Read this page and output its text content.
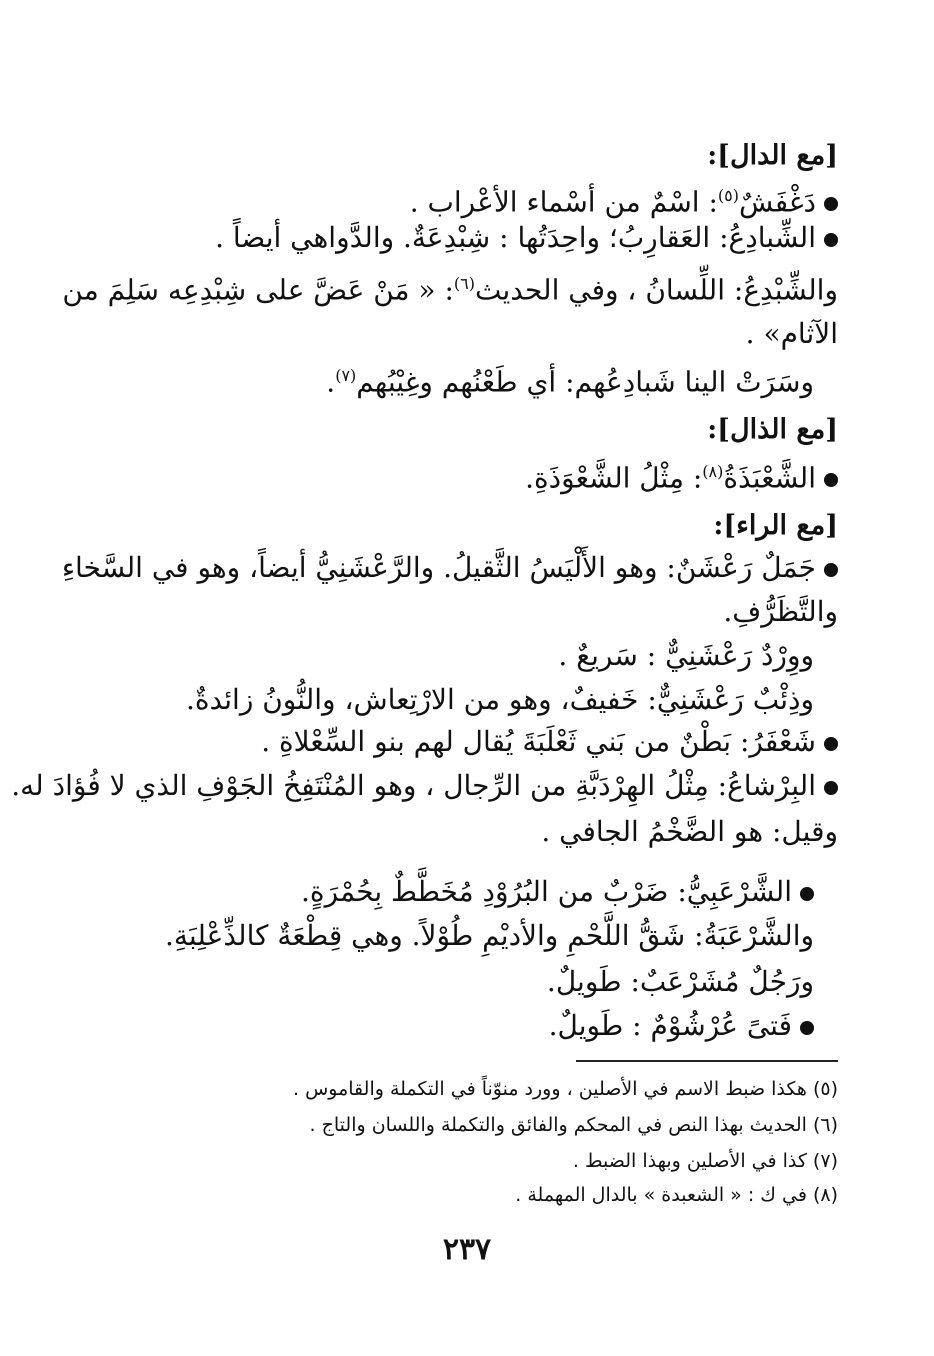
[مع الدال]:
دَغْفَشٌ$^{(٥)}$: اسْمٌ من أسْماء الأعْراب .
الشِّبادِعُ: العَقارِبُ؛ واحِدَتُها : شِبْدِعَةٌ. والدَّواهي أيضاً .
والشِّبْدِعُ: اللِّسانُ ، وفي الحديث$^{(٦)}$: « مَنْ عَضَّ على شِبْدِعِه سَلِمَ من
الآثام» .
وسَرَتْ الينا شَبادِعُهم: أي طَعْنُهم وغِيْبُهم$^{(٧)}$.
[مع الذال]:
الشَّعْبَذَةُ$^{(٨)}$: مِثْلُ الشَّعْوَذَةِ.
[مع الراء]:
جَمَلٌ رَعْشَنٌ: وهو الأَلْيَسُ الثَّقيلُ. والرَّعْشَنِيُّ أيضاً، وهو في السَّخاءِ
والتَّظَرُّفِ.
ووِرْدٌ رَعْشَنِيٌّ : سَريعٌ .
وذِئْبٌ رَعْشَنِيٌّ: خَفيفٌ، وهو من الارْتِعاش، والنُّونُ زائدةٌ.
شَعْفَرُ: بَطْنٌ من بَني ثَعْلَبَةَ يُقال لهم بنو السِّعْلاةِ .
البِرْشاعُ: مِثْلُ الهِرْدَبَّةِ من الرِّجال ، وهو المُنْتَفِخُ الجَوْفِ الذي لا فُؤادَ له.
وقيل: هو الضَّخْمُ الجافي .
الشَّرْعَبِيُّ: ضَرْبٌ من البُرُوْدِ مُخَطَّطٌ بِحُمْرَةٍ.
والشَّرْعَبَةُ: شَقُّ اللَّحْمِ والأديْمِ طُوْلاً. وهي قِطْعَةٌ كالذِّعْلِبَةِ.
ورَجُلٌ مُشَرْعَبٌ: طَويلٌ.
فَتىً عُرْشُوْمٌ : طَويلٌ.
(٥) هكذا ضبط الاسم في الأصلين ، وورد منوّناً في التكملة والقاموس .
(٦) الحديث بهذا النص في المحكم والفائق والتكملة واللسان والتاج .
(٧) كذا في الأصلين وبهذا الضبط .
(٨) في ك : « الشعبدة » بالدال المهملة .
٢٣٧
